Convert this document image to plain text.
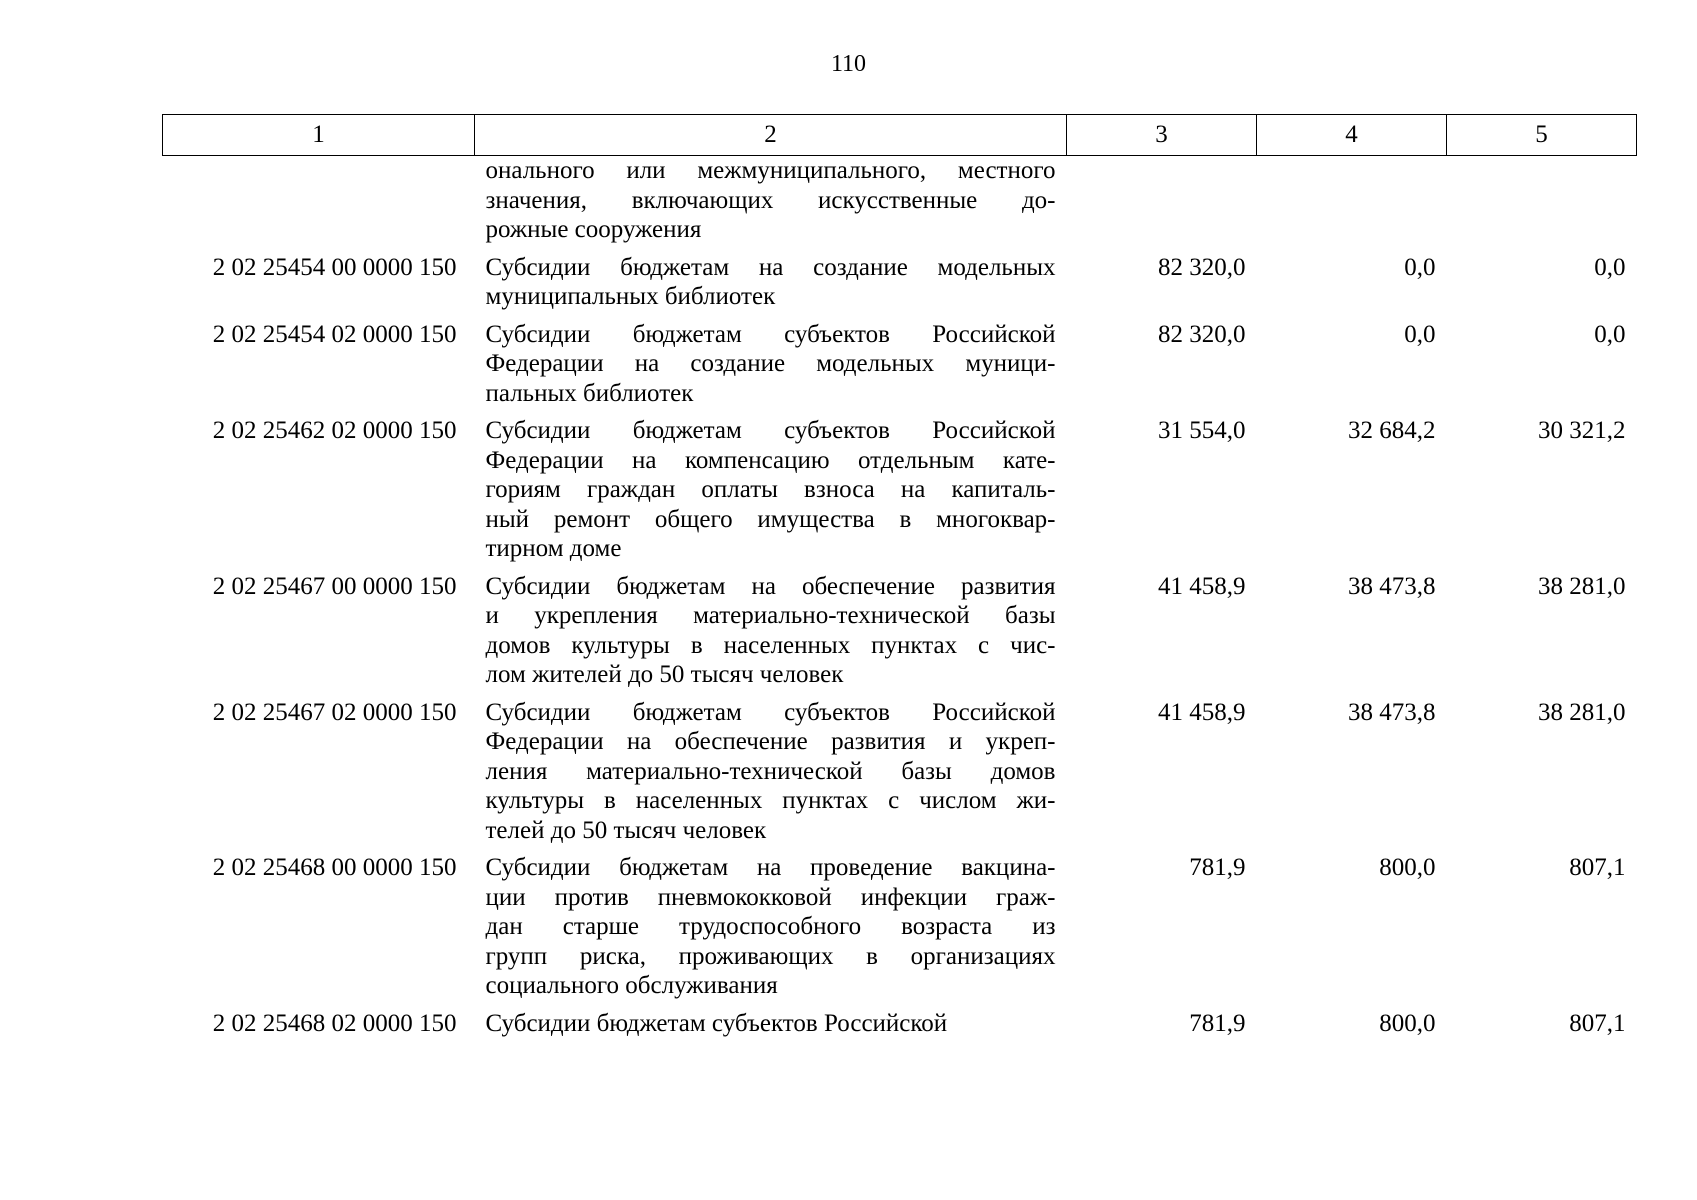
110
1	2	3	4	5

	онального или межмуниципального, местного
значения, включающих искусственные до-
рожные сооружения			

2 02 25454 00 0000 150	Субсидии бюджетам на создание модельных
муниципальных библиотек	82 320,0	0,0	0,0
2 02 25454 02 0000 150	Субсидии бюджетам субъектов Российской
Федерации на создание модельных муници-
пальных библиотек	82 320,0	0,0	0,0
2 02 25462 02 0000 150	Субсидии бюджетам субъектов Российской
Федерации на компенсацию отдельным кате-
гориям граждан оплаты взноса на капиталь-
ный ремонт общего имущества в многоквар-
тирном доме	31 554,0	32 684,2	30 321,2
2 02 25467 00 0000 150	Субсидии бюджетам на обеспечение развития
и укрепления материально-технической базы
домов культуры в населенных пунктах с чис-
лом жителей до 50 тысяч человек	41 458,9	38 473,8	38 281,0
2 02 25467 02 0000 150	Субсидии бюджетам субъектов Российской
Федерации на обеспечение развития и укреп-
ления материально-технической базы домов
культуры в населенных пунктах с числом жи-
телей до 50 тысяч человек	41 458,9	38 473,8	38 281,0
2 02 25468 00 0000 150	Субсидии бюджетам на проведение вакцина-
ции против пневмококковой инфекции граж-
дан старше трудоспособного возраста из
групп риска, проживающих в организациях
социального обслуживания	781,9	800,0	807,1
2 02 25468 02 0000 150	Субсидии бюджетам субъектов Российской	781,9	800,0	807,1
